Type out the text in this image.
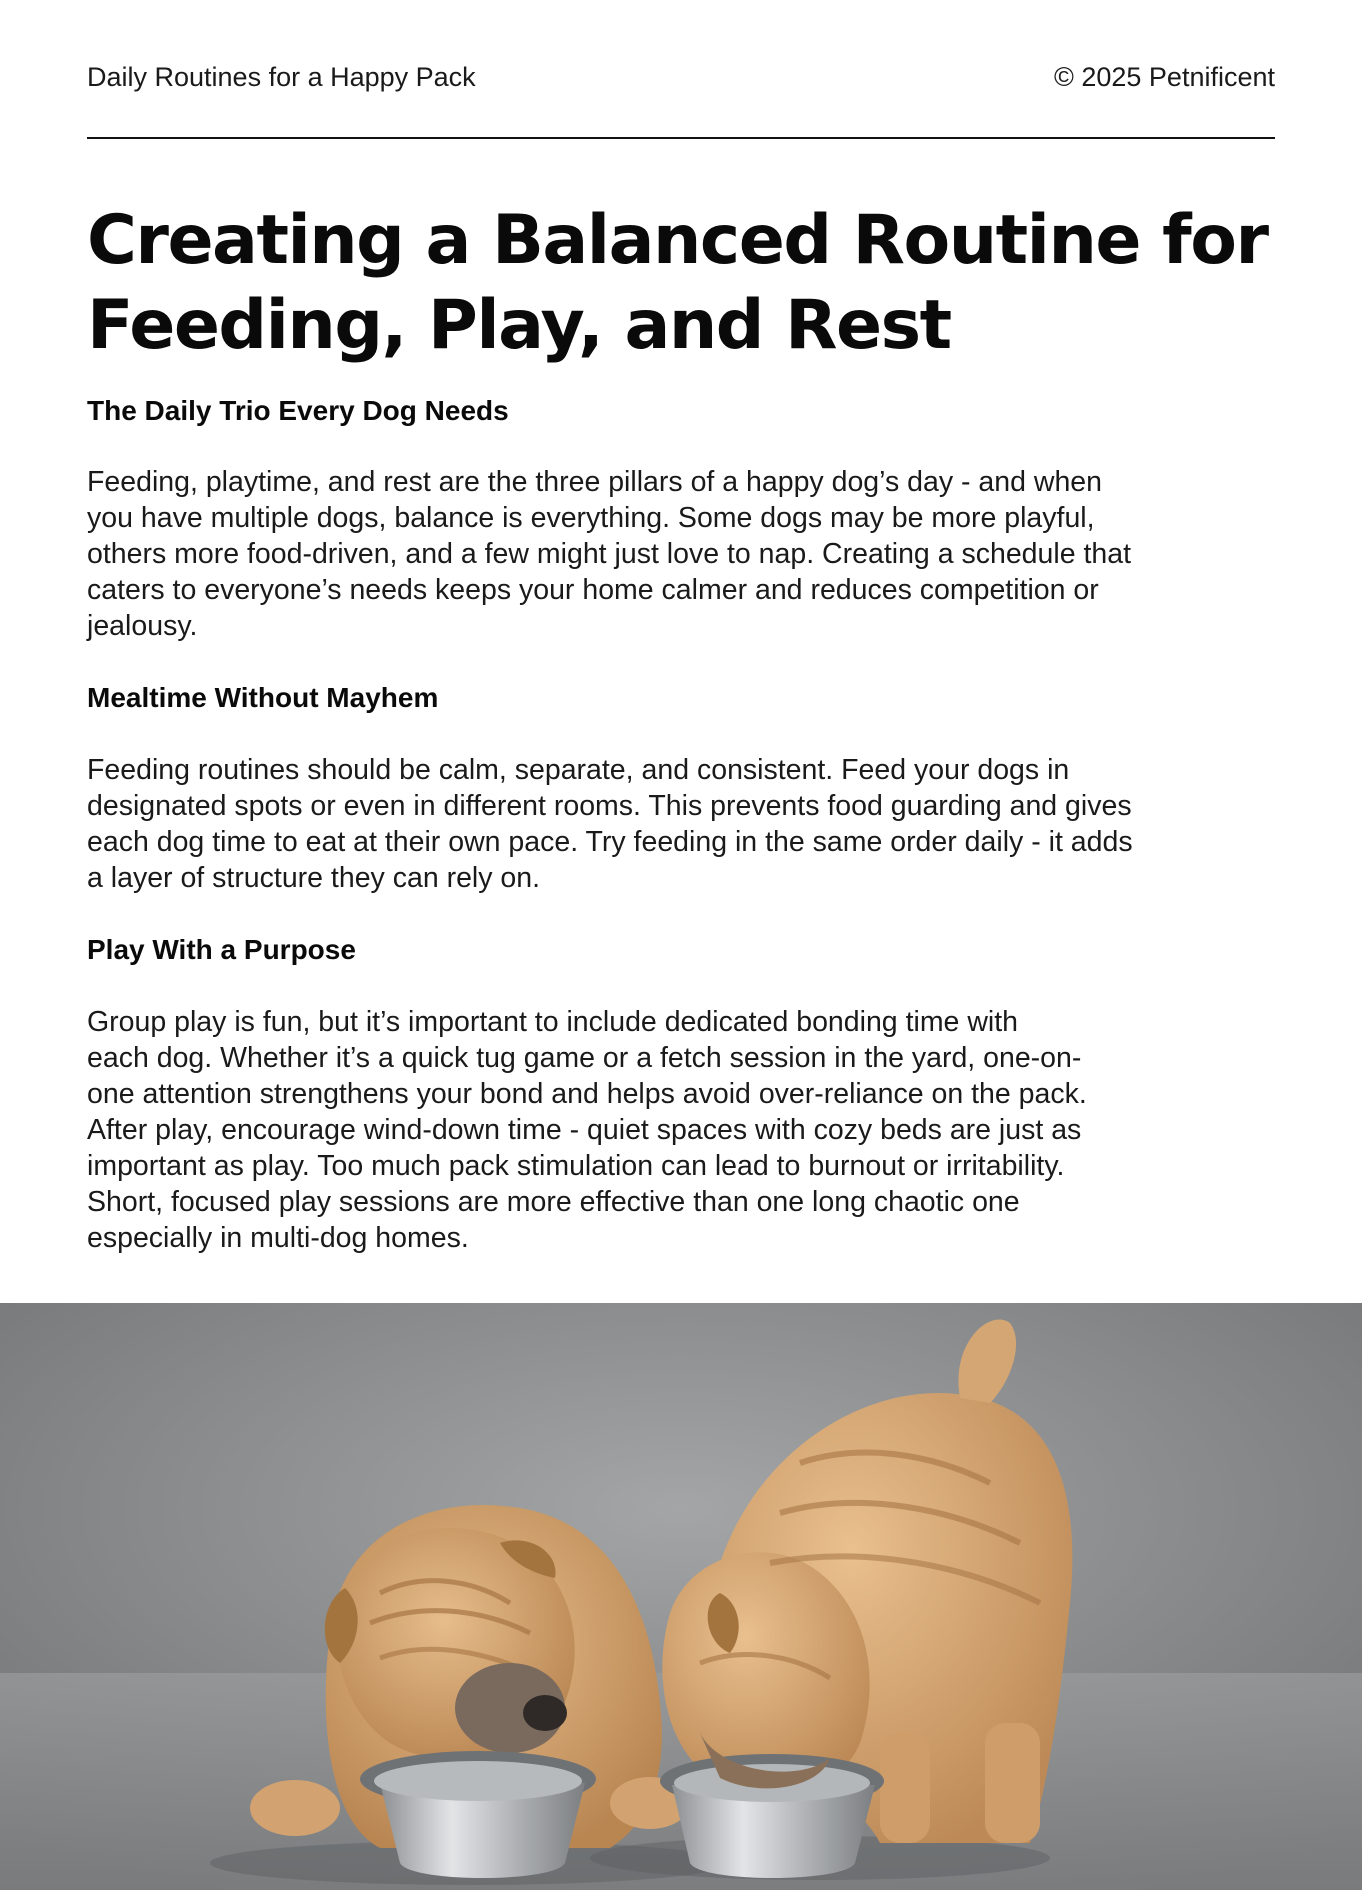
Daily Routines for a Happy Pack	© 2025 Petnificent
Creating a Balanced Routine for
Feeding, Play, and Rest
The Daily Trio Every Dog Needs

Feeding, playtime, and rest are the three pillars of a happy dog’s day - and when
you have multiple dogs, balance is everything. Some dogs may be more playful,
others more food-driven, and a few might just love to nap. Creating a schedule that
caters to everyone’s needs keeps your home calmer and reduces competition or
jealousy.

Mealtime Without Mayhem

Feeding routines should be calm, separate, and consistent. Feed your dogs in
designated spots or even in different rooms. This prevents food guarding and gives
each dog time to eat at their own pace. Try feeding in the same order daily - it adds
a layer of structure they can rely on.

Play With a Purpose

Group play is fun, but it’s important to include dedicated bonding time with
each dog. Whether it’s a quick tug game or a fetch session in the yard, one-on-
one attention strengthens your bond and helps avoid over-reliance on the pack.
After play, encourage wind-down time - quiet spaces with cozy beds are just as
important as play. Too much pack stimulation can lead to burnout or irritability.
Short, focused play sessions are more effective than one long chaotic one
especially in multi-dog homes.
